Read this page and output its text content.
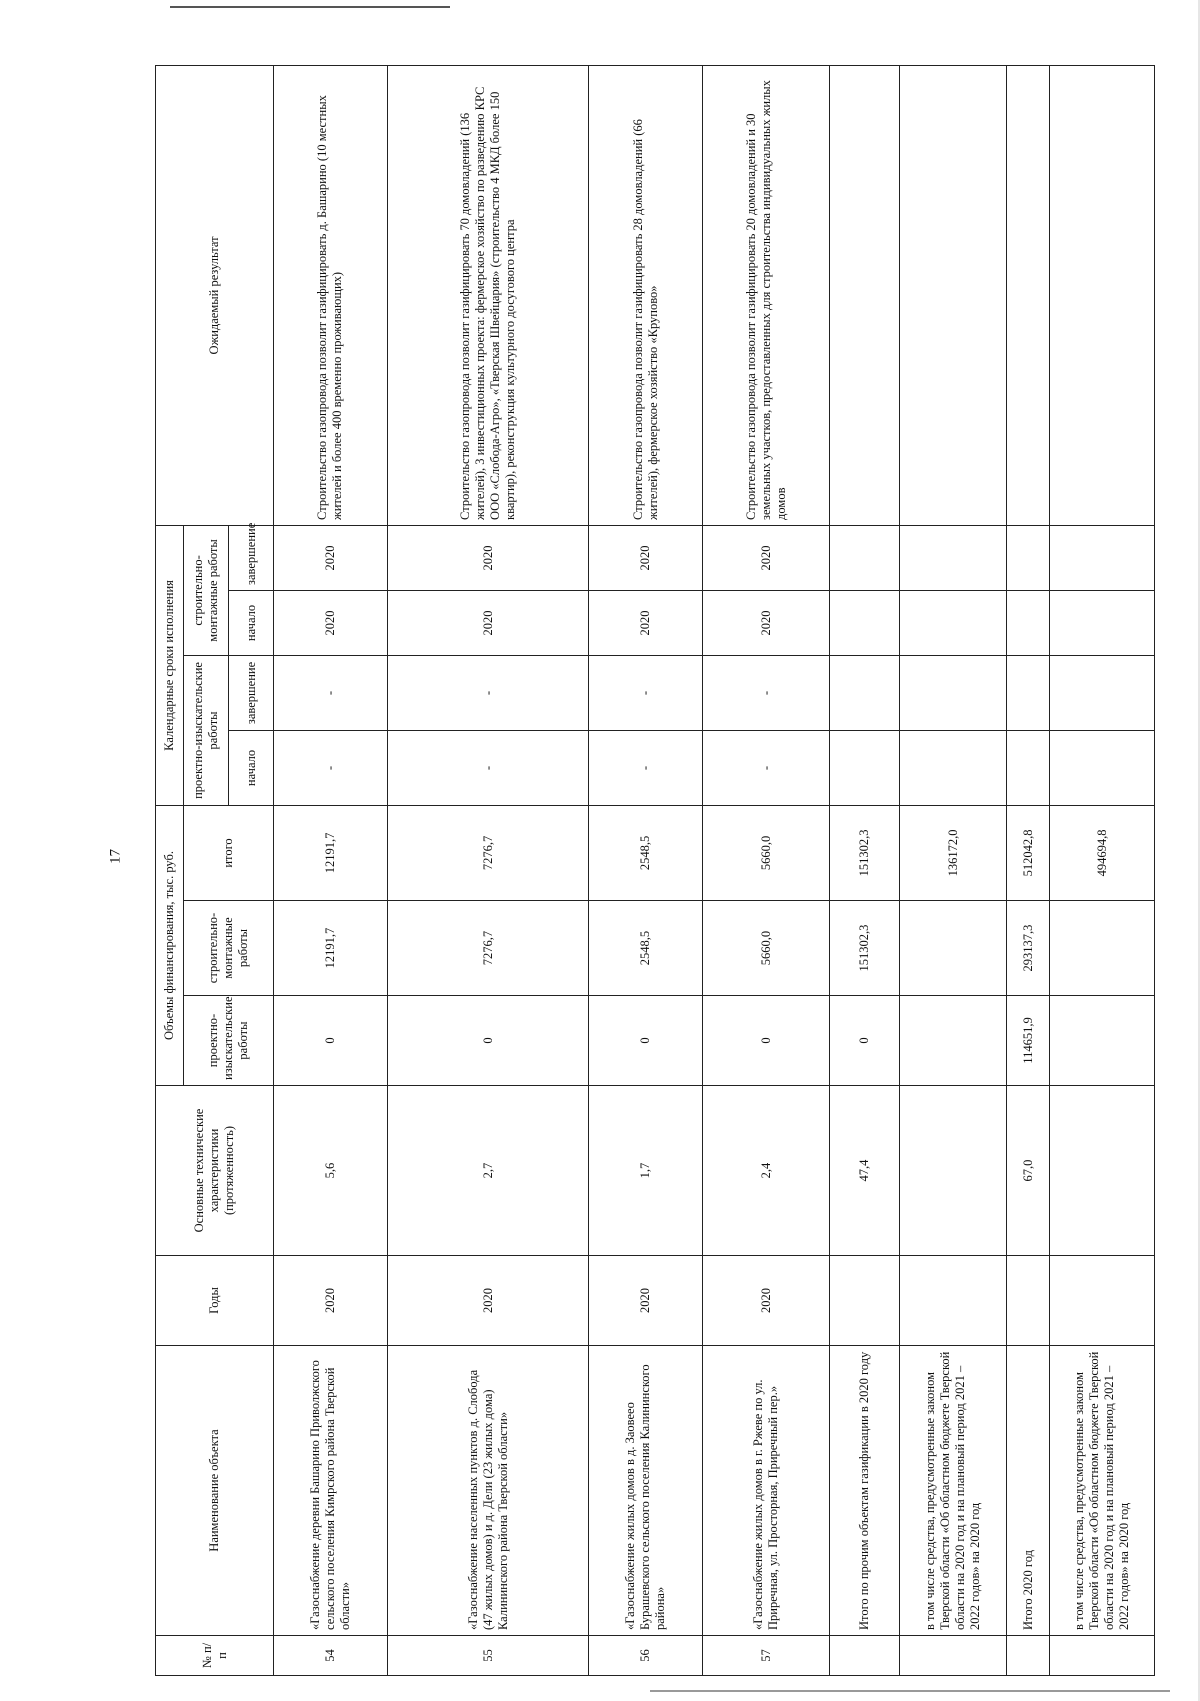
17
№ п/п	Наименование объекта	Годы	Основные технические характеристики (протяженность)	Объемы финансирования, тыс. руб.			Календарные сроки исполнения				Ожидаемый результат
				проектно-изыскательские работы	строительно-монтажные работы	итого	проектно-изыскательские работы		строительно-монтажные работы		
							начало	завершение	начало	завершение	
54	«Газоснабжение деревни Башарино Приволжского сельского поселения Кимрского района Тверской области»	2020	5,6	0	12191,7	12191,7	-	-	2020	2020	Строительство газопровода позволит газифицировать д. Башарино (10 местных жителей и более 400 временно проживающих)
55	«Газоснабжение населенных пунктов д. Слобода (47 жилых домов) и д. Дели (23 жилых дома) Калининского района Тверской области»	2020	2,7	0	7276,7	7276,7	-	-	2020	2020	Строительство газопровода позволит газифицировать 70 домовладений (136 жителей), 3 инвестиционных проекта: фермерское хозяйство по разведению КРС ООО «Слобода-Агро», «Тверская Швейцария» (строительство 4 МКД более 150 квартир), реконструкция культурного досугового центра
56	«Газоснабжение жилых домов в д. Заовеео Бурашевского сельского поселения Калининского района»	2020	1,7	0	2548,5	2548,5	-	-	2020	2020	Строительство газопровода позволит газифицировать 28 домовладений (66 жителей), фермерское хозяйство «Крупово»
57	«Газоснабжение жилых домов в г. Ржеве по ул. Приречная, ул. Просторная, Приречный пер.»	2020	2,4	0	5660,0	5660,0	-	-	2020	2020	Строительство газопровода позволит газифицировать 20 домовладений и 30 земельных участков, предоставленных для строительства индивидуальных жилых домов
	Итого по прочим объектам газификации в 2020 году		47,4	0	151302,3	151302,3					
	в том числе средства, предусмотренные законом Тверской области «Об областном бюджете Тверской области на 2020 год и на плановый период 2021 – 2022 годов» на 2020 год					136172,0					
	Итого 2020 год		67,0	114651,9	293137,3	512042,8					
	в том числе средства, предусмотренные законом Тверской области «Об областном бюджете Тверской области на 2020 год и на плановый период 2021 – 2022 годов» на 2020 год					494694,8					
